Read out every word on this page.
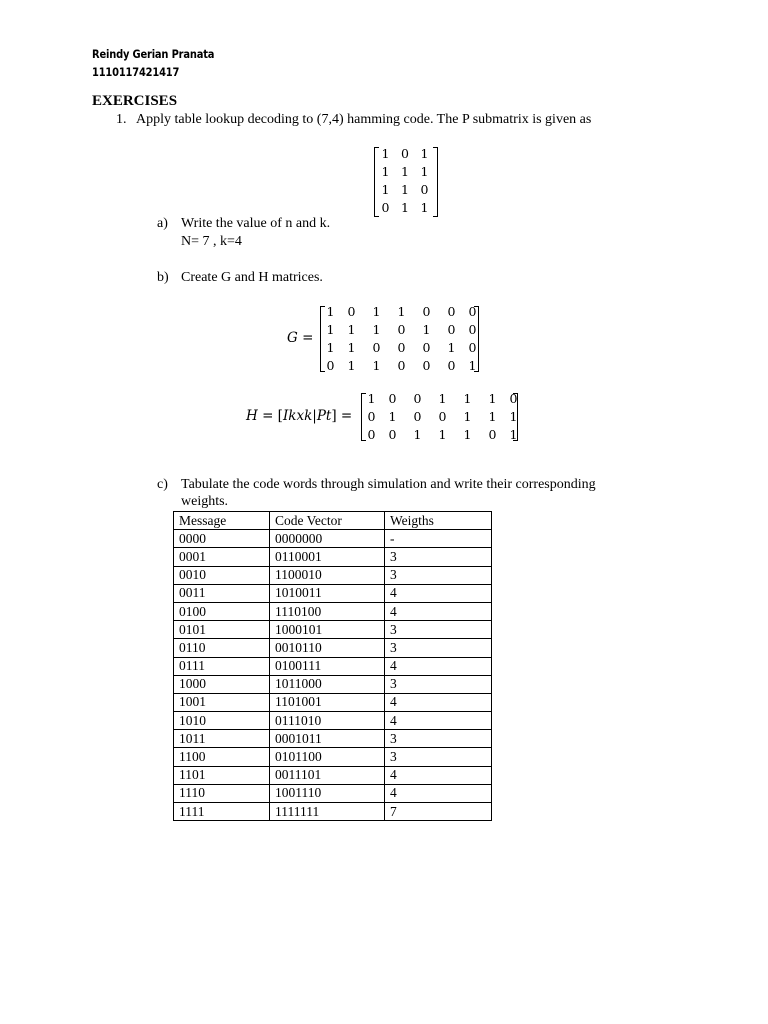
Reindy Gerian Pranata
1110117421417
EXERCISES
1. Apply table lookup decoding to (7,4) hamming code. The P submatrix is given as
1 0 1
1 1 1
1 1 0
0 1 1
a) Write the value of n and k.
N= 7 , k=4
b) Create G and H matrices.
G =
1	0	1	1	0	0	0
1	1	1	0	1	0	0
1	1	0	0	0	1	0
0	1	1	0	0	0	1
H = [Ikxk|Pt] =
1	0	0	1	1	1	0
0	1	0	0	1	1	1
0	0	1	1	1	0	1
c) Tabulate the code words through simulation and write their corresponding
weights.
Message	Code Vector	Weigths
0000	0000000	-
0001	0110001	3
0010	1100010	3
0011	1010011	4
0100	1110100	4
0101	1000101	3
0110	0010110	3
0111	0100111	4
1000	1011000	3
1001	1101001	4
1010	0111010	4
1011	0001011	3
1100	0101100	3
1101	0011101	4
1110	1001110	4
1111	1111111	7
